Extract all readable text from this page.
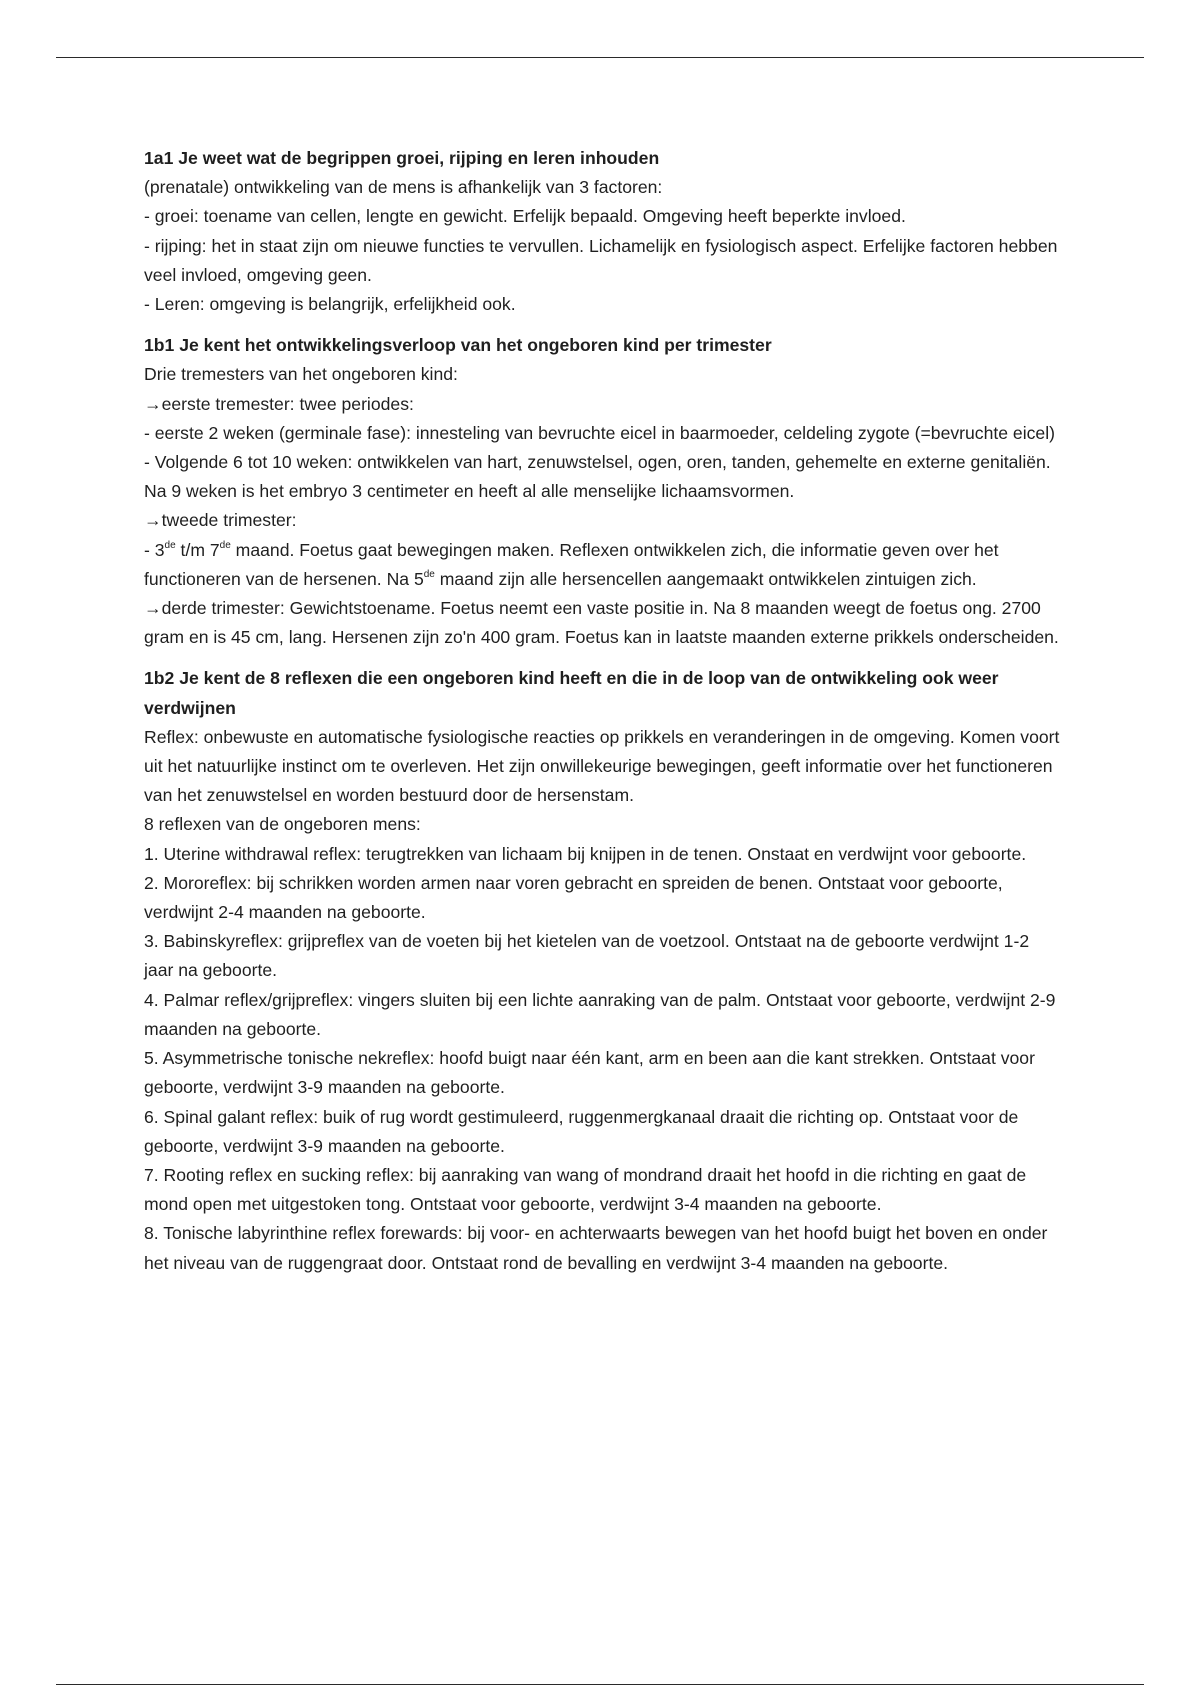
1a1 Je weet wat de begrippen groei, rijping en leren inhouden

(prenatale) ontwikkeling van de mens is afhankelijk van 3 factoren:

- groei: toename van cellen, lengte en gewicht. Erfelijk bepaald. Omgeving heeft beperkte invloed.

- rijping: het in staat zijn om nieuwe functies te vervullen. Lichamelijk en fysiologisch aspect. Erfelijke factoren hebben veel invloed, omgeving geen.

- Leren: omgeving is belangrijk, erfelijkheid ook.

1b1 Je kent het ontwikkelingsverloop van het ongeboren kind per trimester

Drie tremesters van het ongeboren kind:

→eerste tremester: twee periodes:

- eerste 2 weken (germinale fase): innesteling van bevruchte eicel in baarmoeder, celdeling zygote (=bevruchte eicel)

- Volgende 6 tot 10 weken: ontwikkelen van hart, zenuwstelsel, ogen, oren, tanden, gehemelte en externe genitaliën. Na 9 weken is het embryo 3 centimeter en heeft al alle menselijke lichaamsvormen.

→tweede trimester:

- 3de t/m 7de maand. Foetus gaat bewegingen maken. Reflexen ontwikkelen zich, die informatie geven over het functioneren van de hersenen. Na 5de maand zijn alle hersencellen aangemaakt ontwikkelen zintuigen zich.

→derde trimester: Gewichtstoename. Foetus neemt een vaste positie in. Na 8 maanden weegt de foetus ong. 2700 gram en is 45 cm, lang. Hersenen zijn zo'n 400 gram. Foetus kan in laatste maanden externe prikkels onderscheiden.

1b2 Je kent de 8 reflexen die een ongeboren kind heeft en die in de loop van de ontwikkeling ook weer verdwijnen

Reflex: onbewuste en automatische fysiologische reacties op prikkels en veranderingen in de omgeving. Komen voort uit het natuurlijke instinct om te overleven. Het zijn onwillekeurige bewegingen, geeft informatie over het functioneren van het zenuwstelsel en worden bestuurd door de hersenstam.

8 reflexen van de ongeboren mens:

1. Uterine withdrawal reflex: terugtrekken van lichaam bij knijpen in de tenen. Onstaat en verdwijnt voor geboorte.

2. Mororeflex: bij schrikken worden armen naar voren gebracht en spreiden de benen. Ontstaat voor geboorte, verdwijnt 2-4 maanden na geboorte.

3. Babinskyreflex: grijpreflex van de voeten bij het kietelen van de voetzool. Ontstaat na de geboorte verdwijnt 1-2 jaar na geboorte.

4. Palmar reflex/grijpreflex: vingers sluiten bij een lichte aanraking van de palm. Ontstaat voor geboorte, verdwijnt 2-9 maanden na geboorte.

5. Asymmetrische tonische nekreflex: hoofd buigt naar één kant, arm en been aan die kant strekken. Ontstaat voor geboorte, verdwijnt 3-9 maanden na geboorte.

6. Spinal galant reflex: buik of rug wordt gestimuleerd, ruggenmergkanaal draait die richting op. Ontstaat voor de geboorte, verdwijnt 3-9 maanden na geboorte.

7. Rooting reflex en sucking reflex: bij aanraking van wang of mondrand draait het hoofd in die richting en gaat de mond open met uitgestoken tong. Ontstaat voor geboorte, verdwijnt 3-4 maanden na geboorte.

8. Tonische labyrinthine reflex forewards: bij voor- en achterwaarts bewegen van het hoofd buigt het boven en onder het niveau van de ruggengraat door. Ontstaat rond de bevalling en verdwijnt 3-4 maanden na geboorte.
